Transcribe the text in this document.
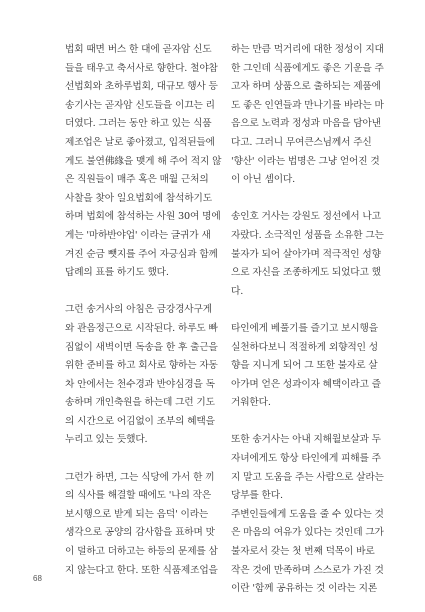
법회 때면 버스 한 대에 곧자암 신도
들을 태우고 축서사로 향한다. 철야참
선법회와 초하루법회, 대규모 행사 등
송기사는 곧자암 신도들을 이끄는 리
더였다. 그러는 동안 하고 있는 식품
제조업은 날로 좋아졌고, 입적된들에
게도 불연佛緣을 맺게 해 주어 적지 않
은 직원들이 매주 혹은 매월 근처의
사찰을 찾아 일요법회에 참석하기도
하며 법회에 참석하는 사원 30여 명에
게는 '마하반야업' 이라는 글귀가 새
겨진 순금 뺏지를 주어 자긍심과 함께
답례의 표를 하기도 했다.
그런 송거사의 아침은 금강경사구게
와 관음정근으로 시작된다. 하루도 빠
짐없이 새벽이면 독송을 한 후 출근을
위한 준비를 하고 회사로 향하는 자동
차 안에서는 천수경과 반야심경을 독
송하며 개인축원을 하는데 그런 기도
의 시간으로 어김없이 조부의 혜택을
누리고 있는 듯했다.
그런가 하면, 그는 식당에 가서 한 끼
의 식사를 해결할 때에도 '나의 작은
보시행으로 받게 되는 음덕' 이라는
생각으로 공양의 감사함을 표하며 맛
이 덜하고 더하고는 하등의 문제를 삼
지 않는다고 한다. 또한 식품제조업을
하는 만큼 먹거리에 대한 정성이 지대
한 그인데 식품에게도 좋은 기운을 주
고자 하며 상품으로 출하되는 제품에
도 좋은 인연들과 만나기를 바라는 마
음으로 노력과 정성과 마음을 담아낸
다고. 그러니 무여큰스님께서 주신
'향산' 이라는 법명은 그냥 얻어진 것
이 아닌 셈이다.
송인호 거사는 강원도 정선에서 나고
자랐다. 소극적인 성품을 소유한 그는
불자가 되어 살아가며 적극적인 성향
으로 자신을 조종하게도 되었다고 했
다.
타인에게 베풀기를 즐기고 보시행을
실천하다보니 적절하게 외향적인 성
향을 지니게 되어 그 또한 불자로 살
아가며 얻은 성과이자 혜택이라고 즐
거워한다.
또한 송거사는 아내 지해월보살과 두
자녀에게도 항상 타인에게 피해를 주
지 말고 도움을 주는 사람으로 살라는
당부를 한다.
주변인들에게 도움을 줄 수 있다는 것
은 마음의 여유가 있다는 것인데 그가
불자로서 갖는 첫 번째 덕목이 바로
작은 것에 만족하며 스스로가 가진 것
이란 '함께 공유하는 것 이라는 지론
68
